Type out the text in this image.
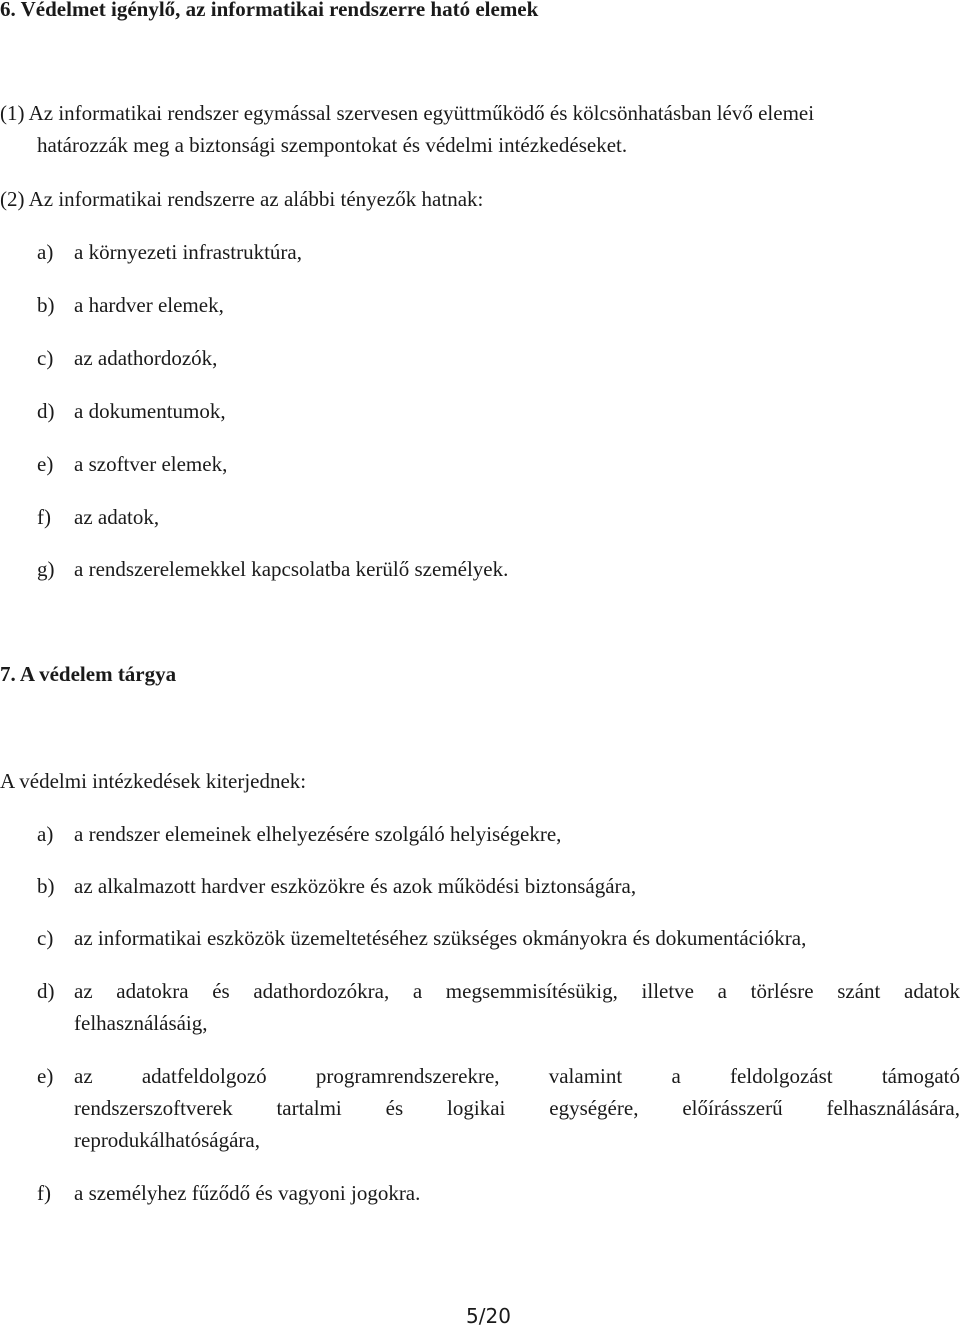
6. Védelmet igénylő, az informatikai rendszerre ható elemek
(1) Az informatikai rendszer egymással szervesen együttműködő és kölcsönhatásban lévő elemei
határozzák meg a biztonsági szempontokat és védelmi intézkedéseket.
(2) Az informatikai rendszerre az alábbi tényezők hatnak:
a) a környezeti infrastruktúra,
b) a hardver elemek,
c) az adathordozók,
d) a dokumentumok,
e) a szoftver elemek,
f) az adatok,
g) a rendszerelemekkel kapcsolatba kerülő személyek.
7. A védelem tárgya
A védelmi intézkedések kiterjednek:
a) a rendszer elemeinek elhelyezésére szolgáló helyiségekre,
b) az alkalmazott hardver eszközökre és azok működési biztonságára,
c) az informatikai eszközök üzemeltetéséhez szükséges okmányokra és dokumentációkra,
d) az adatokra és adathordozókra, a megsemmisítésükig, illetve a törlésre szánt adatok
felhasználásáig,
e) az adatfeldolgozó programrendszerekre, valamint a feldolgozást támogató
rendszerszoftverek tartalmi és logikai egységére, előírásszerű felhasználására,
reprodukálhatóságára,
f) a személyhez fűződő és vagyoni jogokra.
5/20
